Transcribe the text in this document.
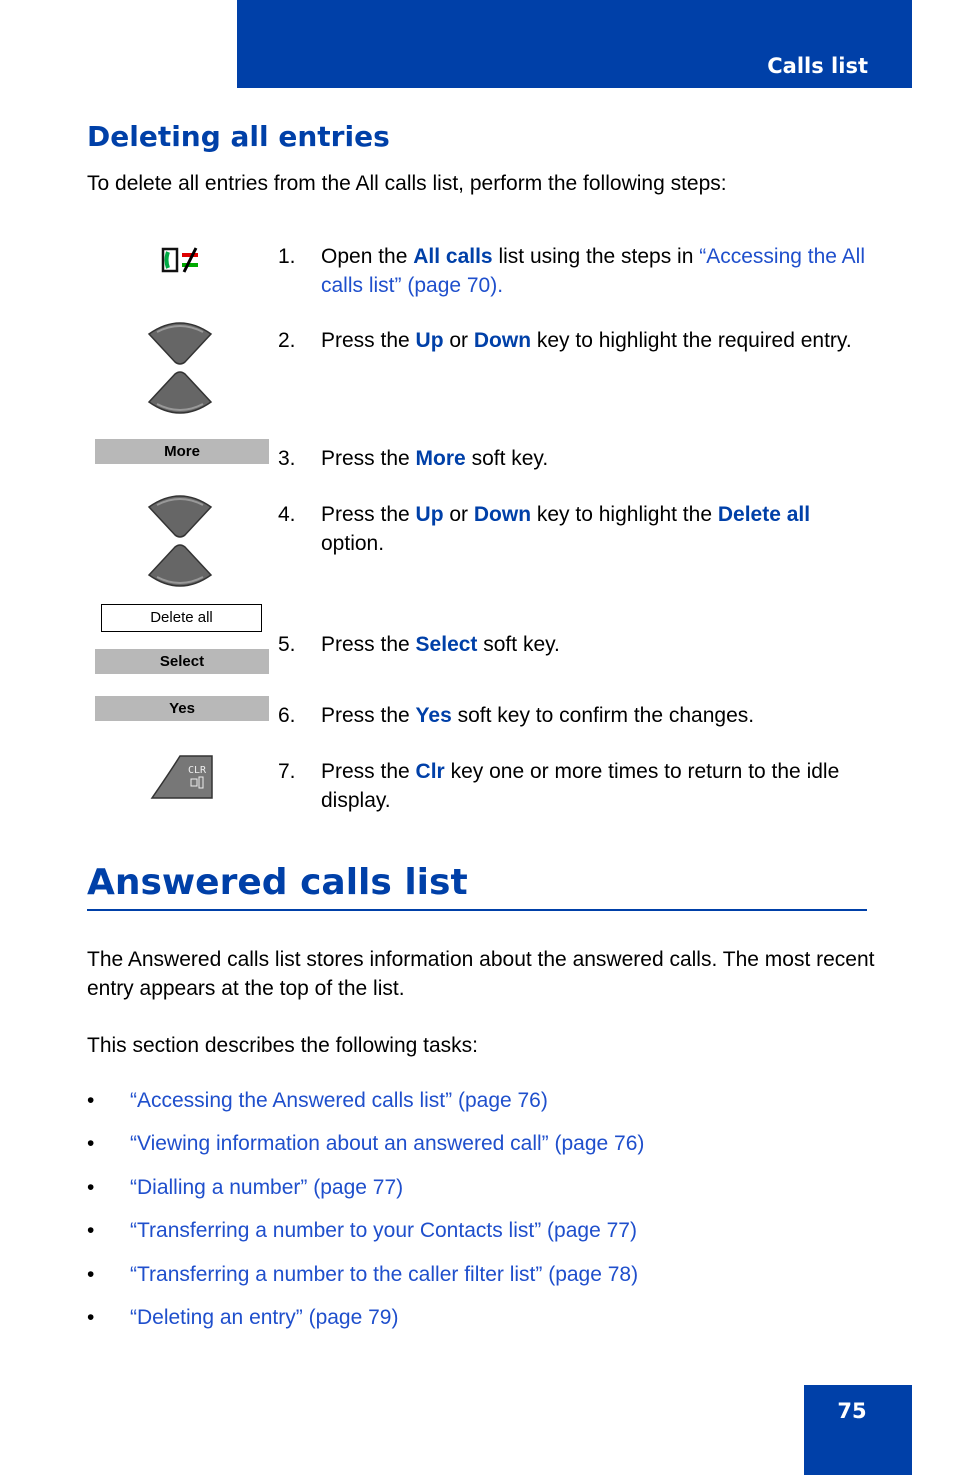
Calls list
Deleting all entries

To delete all entries from the All calls list, perform the following steps:

More
Delete all
Select
Yes
CLR
1. Open the All calls list using the steps in “Accessing the All calls list” (page 70).
2. Press the Up or Down key to highlight the required entry.
3. Press the More soft key.
4. Press the Up or Down key to highlight the Delete all option.
5. Press the Select soft key.
6. Press the Yes soft key to confirm the changes.
7. Press the Clr key one or more times to return to the idle display.
Answered calls list

The Answered calls list stores information about the answered calls. The most recent entry appears at the top of the list.

This section describes the following tasks:

• “Accessing the Answered calls list” (page 76)
• “Viewing information about an answered call” (page 76)
• “Dialling a number” (page 77)
• “Transferring a number to your Contacts list” (page 77)
• “Transferring a number to the caller filter list” (page 78)
• “Deleting an entry” (page 79)
75
